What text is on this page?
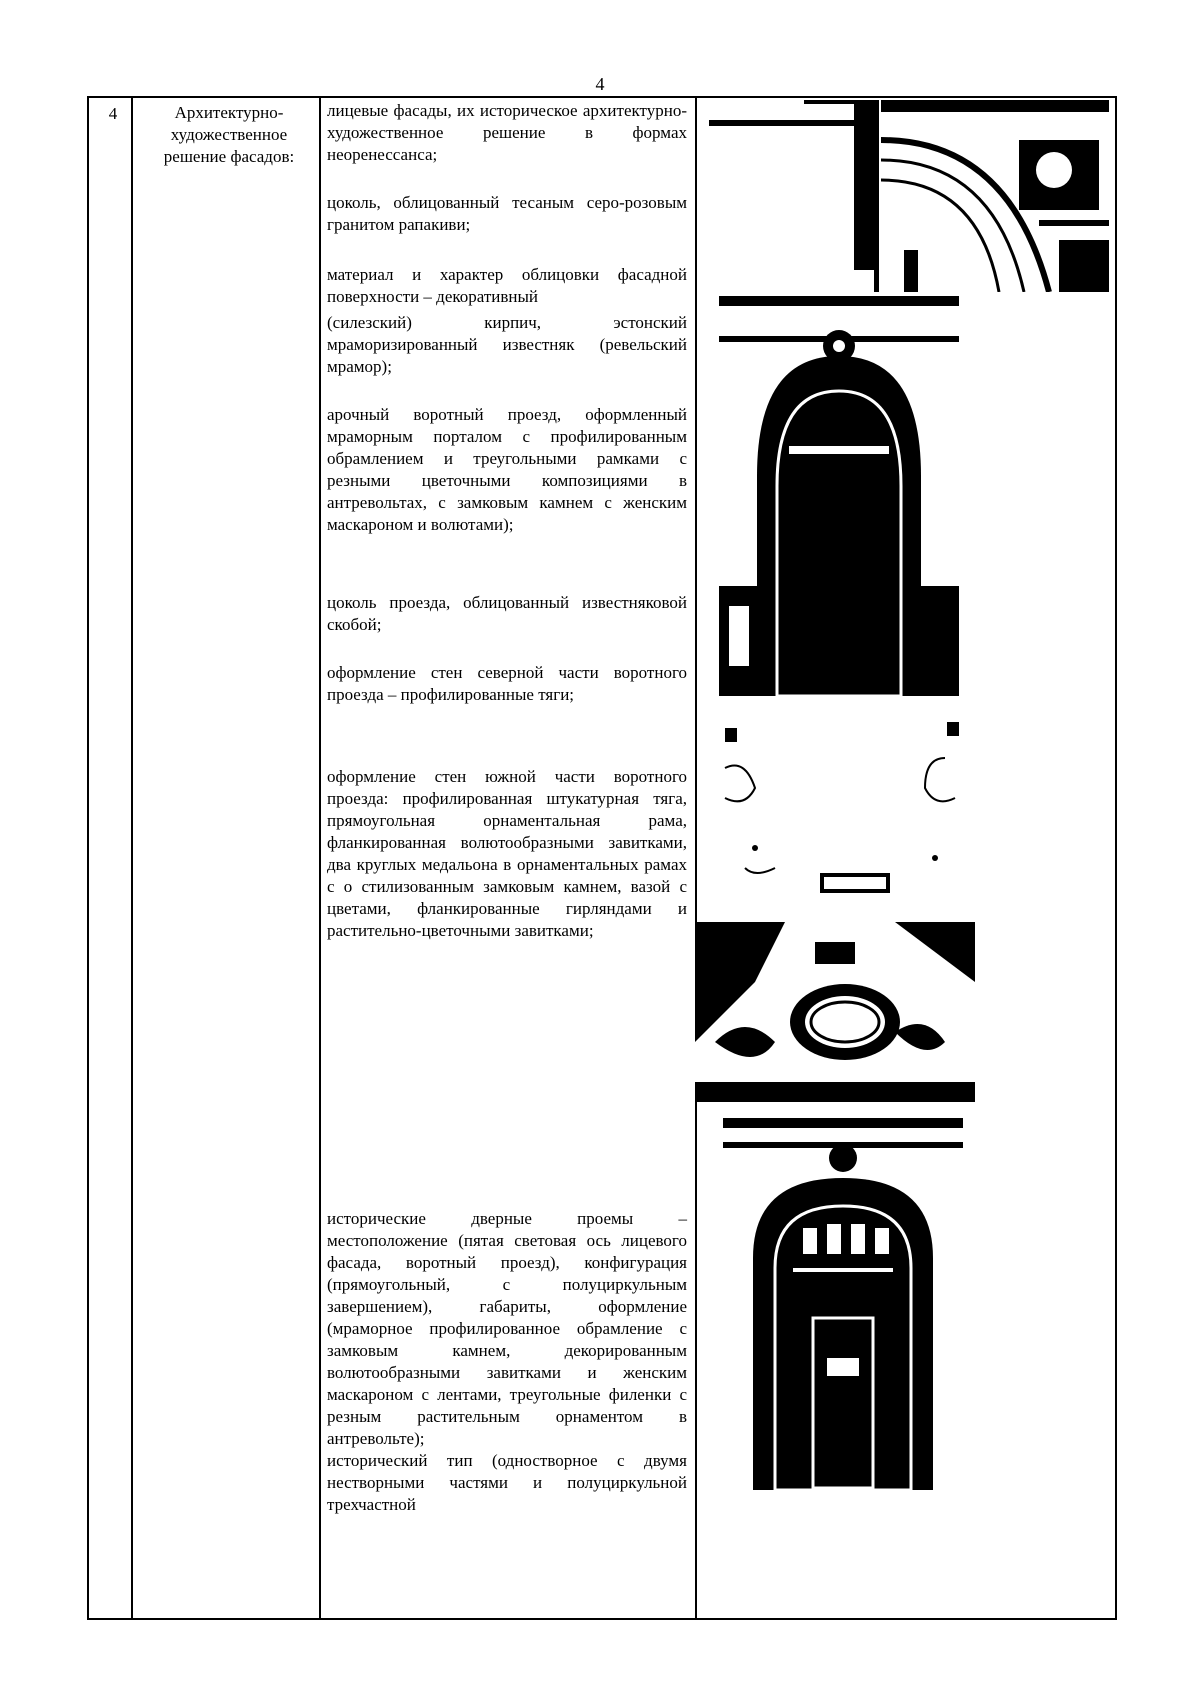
4
4	Архитектурно-художественное решение фасадов:

лицевые фасады, их историческое архитектурно-художественное решение в формах неоренессанса;

цоколь, облицованный тесаным серо-розовым гранитом рапакиви;

материал и характер облицовки фасадной поверхности – декоративный

(силезский) кирпич, эстонский мраморизированный известняк (ревельский мрамор);

арочный воротный проезд, оформленный мраморным порталом с профилированным обрамлением и треугольными рамками с резными цветочными композициями в антревольтах, с замковым камнем с женским маскароном и волютами);

цоколь проезда, облицованный известняковой скобой;

оформление стен северной части воротного проезда – профилированные тяги;

оформление стен южной части воротного проезда: профилированная штукатурная тяга, прямоугольная орнаментальная рама, фланкированная волютообразными завитками, два круглых медальона в орнаментальных рамах с о стилизованным замковым камнем, вазой с цветами, фланкированные гирляндами и растительно-цветочными завитками;

исторические дверные проемы – местоположение (пятая световая ось лицевого фасада, воротный проезд), конфигурация (прямоугольный, с полуциркульным завершением), габариты, оформление (мраморное профилированное обрамление с замковым камнем, декорированным волютообразными завитками и женским маскароном с лентами, треугольные филенки с резным растительным орнаментом в антревольте);

исторический тип (одностворное с двумя нестворными частями и полуциркульной трехчастной
